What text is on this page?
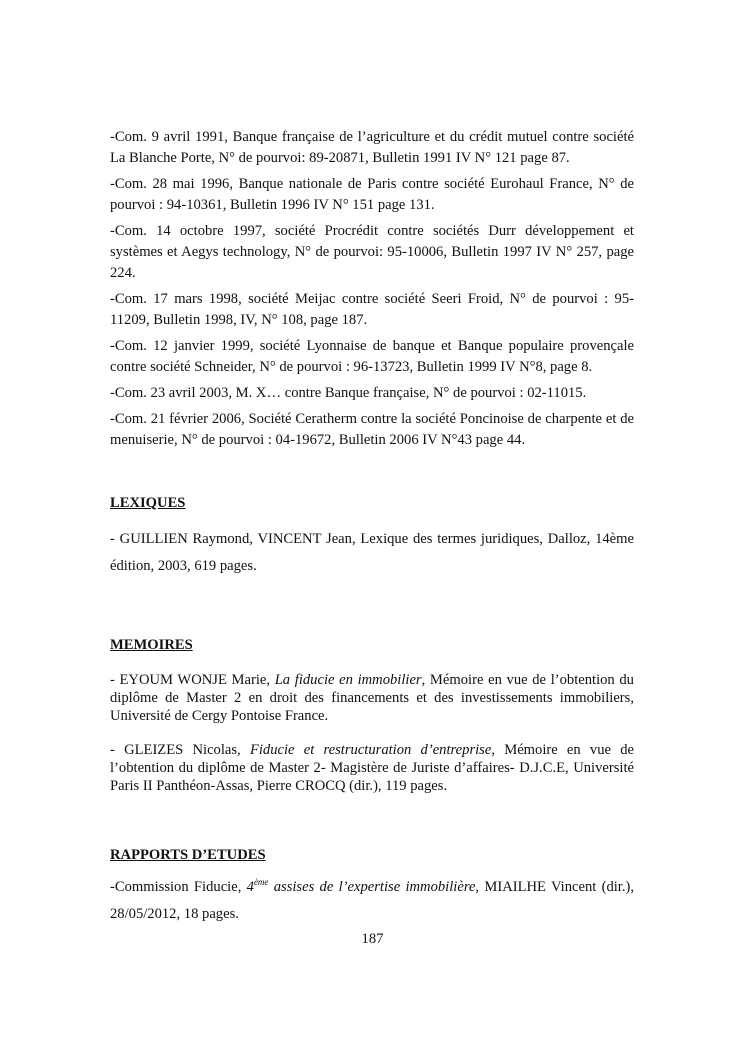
-Com. 9 avril 1991, Banque française de l’agriculture et du crédit mutuel contre société La Blanche Porte, N° de pourvoi: 89-20871, Bulletin 1991 IV N° 121 page 87.

-Com. 28 mai 1996, Banque nationale de Paris contre société Eurohaul France, N° de pourvoi : 94-10361, Bulletin 1996 IV N° 151 page 131.

-Com. 14 octobre 1997, société Procrédit contre sociétés Durr développement et systèmes et Aegys technology, N° de pourvoi: 95-10006, Bulletin 1997 IV N° 257, page 224.

-Com. 17 mars 1998, société Meijac contre société Seeri Froid, N° de pourvoi : 95-11209, Bulletin 1998, IV, N° 108, page 187.

-Com. 12 janvier 1999, société Lyonnaise de banque et Banque populaire provençale contre société Schneider, N° de pourvoi : 96-13723, Bulletin 1999 IV N°8, page 8.

-Com. 23 avril 2003, M. X… contre Banque française, N° de pourvoi : 02-11015.

-Com. 21 février 2006, Société Ceratherm contre la société Poncinoise de charpente et de menuiserie, N° de pourvoi : 04-19672, Bulletin 2006 IV N°43 page 44.

LEXIQUES

- GUILLIEN Raymond, VINCENT Jean, Lexique des termes juridiques, Dalloz, 14ème édition, 2003, 619 pages.

MEMOIRES

- EYOUM WONJE Marie, La fiducie en immobilier, Mémoire en vue de l’obtention du diplôme de Master 2 en droit des financements et des investissements immobiliers, Université de Cergy Pontoise France.

- GLEIZES Nicolas, Fiducie et restructuration d’entreprise, Mémoire en vue de l’obtention du diplôme de Master 2- Magistère de Juriste d’affaires- D.J.C.E, Université Paris II Panthéon-Assas, Pierre CROCQ (dir.), 119 pages.

RAPPORTS D’ETUDES

-Commission Fiducie, 4ème assises de l’expertise immobilière, MIAILHE Vincent (dir.), 28/05/2012, 18 pages.

187
